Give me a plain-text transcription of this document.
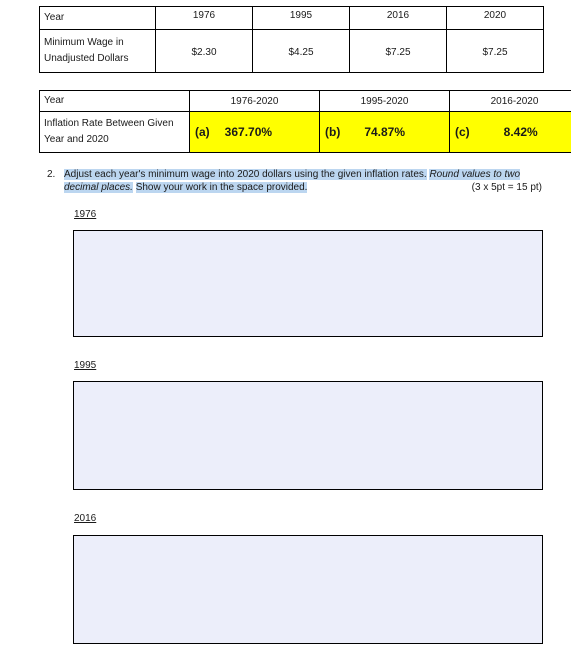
Year	1976	1995	2016	2020
Minimum Wage in Unadjusted Dollars	$2.30	$4.25	$7.25	$7.25
Year	1976-2020	1995-2020	2016-2020
Inflation Rate Between Given Year and 2020	(a) 367.70%	(b) 74.87%	(c) 8.42%
2. Adjust each year's minimum wage into 2020 dollars using the given inflation rates. Round values to two decimal places. Show your work in the space provided.	(3 x 5pt = 15 pt)
1976
1995
2016
